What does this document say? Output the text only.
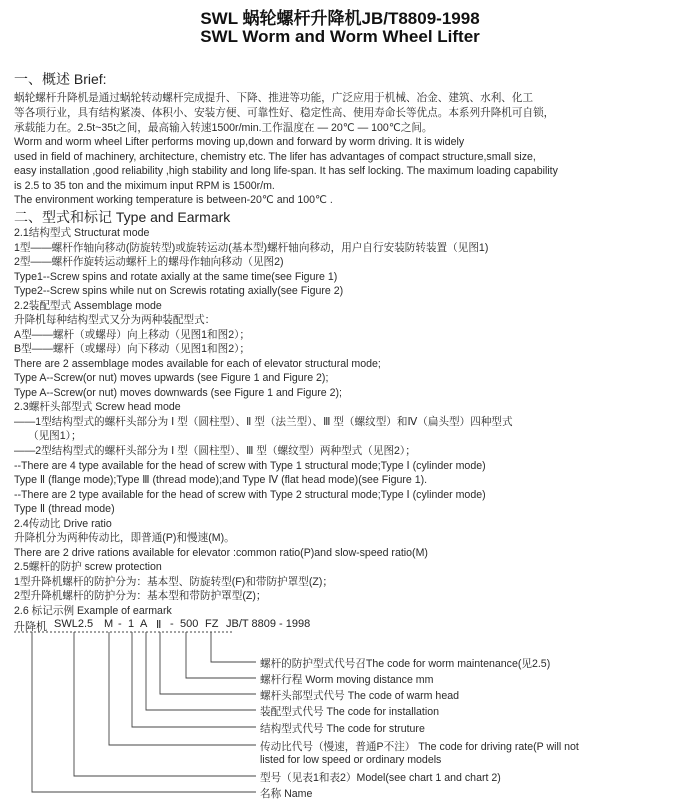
SWL 蜗轮螺杆升降机JB/T8809-1998
SWL Worm and Worm Wheel Lifter
一、概述 Brief:
蜗轮螺杆升降机是通过蜗轮转动螺杆完成提升、下降、推进等功能，广泛应用于机械、冶金、建筑、水利、化工
等各项行业，具有结构紧凑、体积小、安装方便、可靠性好、稳定性高、使用寿命长等优点。本系列升降机可自锁，
承载能力在。2.5t~35t之间，最高输入转速1500r/min.工作温度在 — 20℃ — 100℃之间。
Worm and worm wheel Lifter performs moving up,down and forward by worm driving. It is widely
used in field of machinery, architecture, chemistry etc. The lifer has advantages of compact structure,small size,
easy installation ,good reliability ,high stability and long life-span. It has self locking. The maximum loading capability
is 2.5 to 35 ton and the miximum input RPM is 1500r/m.
The environment working temperature is between-20℃ and 100℃ .
二、型式和标记 Type and Earmark
2.1结构型式 Structurat mode
1型——螺杆作轴向移动(防旋转型)或旋转运动(基本型)螺杆轴向移动，用户自行安装防转装置（见图1)
2型——螺杆作旋转运动螺杆上的螺母作轴向移动（见图2)
Type1--Screw spins and rotate axially at the same time(see Figure 1)
Type2--Screw spins while nut on Screwis rotating axially(see Figure 2)
2.2装配型式 Assemblage mode
升降机每种结构型式又分为两种装配型式：
A型——螺杆（或螺母）向上移动（见图1和图2）；
B型——螺杆（或螺母）向下移动（见图1和图2）；
There are 2 assemblage modes available for each of elevator structural mode;
Type A--Screw(or nut) moves upwards (see Figure 1 and Figure 2);
Type A--Screw(or nut) moves downwards (see Figure 1 and Figure 2);
2.3螺杆头部型式 Screw head mode
——1型结构型式的螺杆头部分为 Ⅰ 型（圆柱型）、Ⅱ 型（法兰型）、Ⅲ 型（螺纹型）和Ⅳ（扁头型）四种型式
（见图1）；
——2型结构型式的螺杆头部分为 Ⅰ 型（圆柱型）、Ⅲ 型（螺纹型）两种型式（见图2）；
--There are 4 type available for the head of screw with Type 1 structural mode;Type Ⅰ (cylinder mode)
Type Ⅱ (flange mode);Type Ⅲ (thread mode);and Type Ⅳ (flat head mode)(see Figure 1).
--There are 2 type available for the head of screw with Type 2 structural mode;Type Ⅰ (cylinder mode)
Type Ⅱ (thread mode)
2.4传动比 Drive ratio
升降机分为两种传动比，即普通(P)和慢速(M)。
There are 2 drive rations available for elevator :common ratio(P)and slow-speed ratio(M)
2.5螺杆的防护 screw protection
1型升降机螺杆的防护分为：基本型、防旋转型(F)和带防护罩型(Z)；
2型升降机螺杆的防护分为：基本型和带防护罩型(Z)；
2.6 标记示例 Example of earmark
升降机 SWL2.5 M - 1 A Ⅱ - 500 FZ JB/T 8809 - 1998
螺杆的防护型式代号召The code for worm maintenance(见2.5)
螺杆行程 Worm moving distance mm
螺杆头部型式代号 The code of warm head
装配型式代号 The code for installation
结构型式代号 The code for struture
传动比代号（慢速，普通P不注） The code for driving rate(P will not
listed for low speed or ordinary models
型号（见表1和表2）Model(see chart 1 and chart 2)
名称 Name
